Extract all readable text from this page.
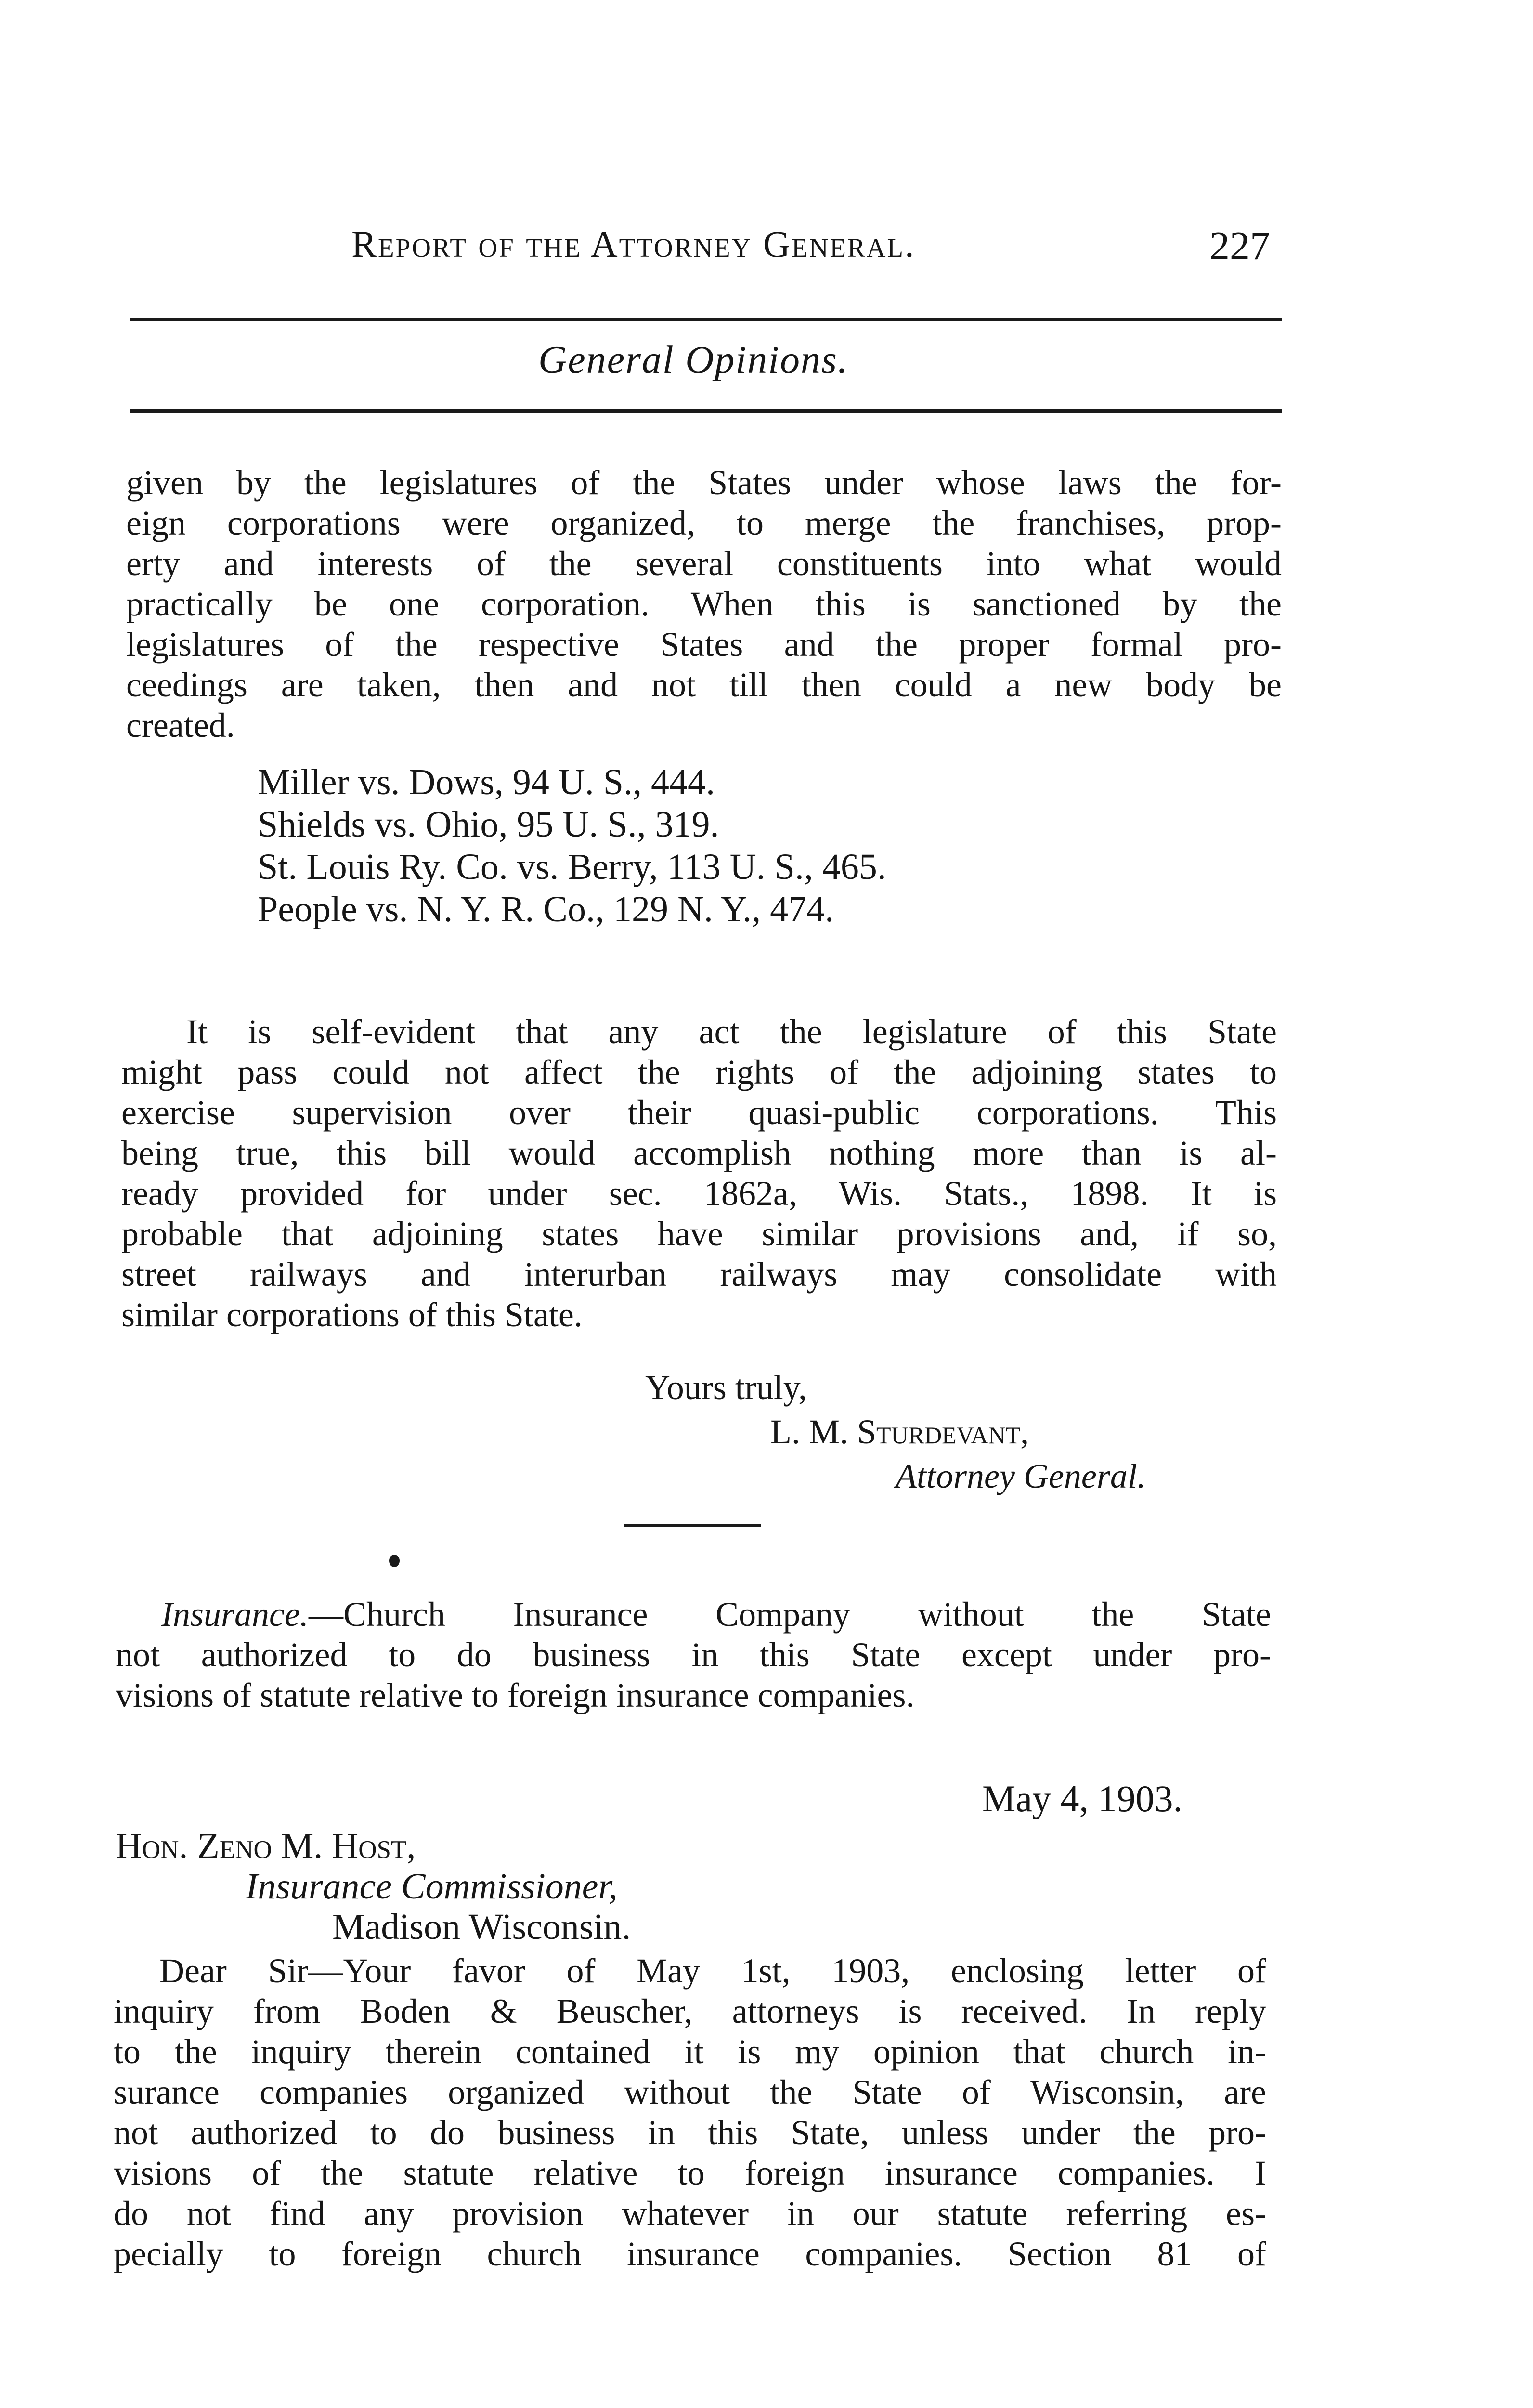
Report of the Attorney General.	227
General Opinions.
given by the legislatures of the States under whose laws the for-
eign corporations were organized, to merge the franchises, prop-
erty and interests of the several constituents into what would
practically be one corporation. When this is sanctioned by the
legislatures of the respective States and the proper formal pro-
ceedings are taken, then and not till then could a new body be
created.
Miller vs. Dows, 94 U. S., 444.
Shields vs. Ohio, 95 U. S., 319.
St. Louis Ry. Co. vs. Berry, 113 U. S., 465.
People vs. N. Y. R. Co., 129 N. Y., 474.
It is self-evident that any act the legislature of this State
might pass could not affect the rights of the adjoining states to
exercise supervision over their quasi-public corporations. This
being true, this bill would accomplish nothing more than is al-
ready provided for under sec. 1862a, Wis. Stats., 1898. It is
probable that adjoining states have similar provisions and, if so,
street railways and interurban railways may consolidate with
similar corporations of this State.
Yours truly,
L. M. Sturdevant,
Attorney General.
Insurance.—Church Insurance Company without the State
not authorized to do business in this State except under pro-
visions of statute relative to foreign insurance companies.
May 4, 1903.
Hon. Zeno M. Host,
Insurance Commissioner,
Madison Wisconsin.
Dear Sir—Your favor of May 1st, 1903, enclosing letter of
inquiry from Boden & Beuscher, attorneys is received. In reply
to the inquiry therein contained it is my opinion that church in-
surance companies organized without the State of Wisconsin, are
not authorized to do business in this State, unless under the pro-
visions of the statute relative to foreign insurance companies. I
do not find any provision whatever in our statute referring es-
pecially to foreign church insurance companies. Section 81 of
